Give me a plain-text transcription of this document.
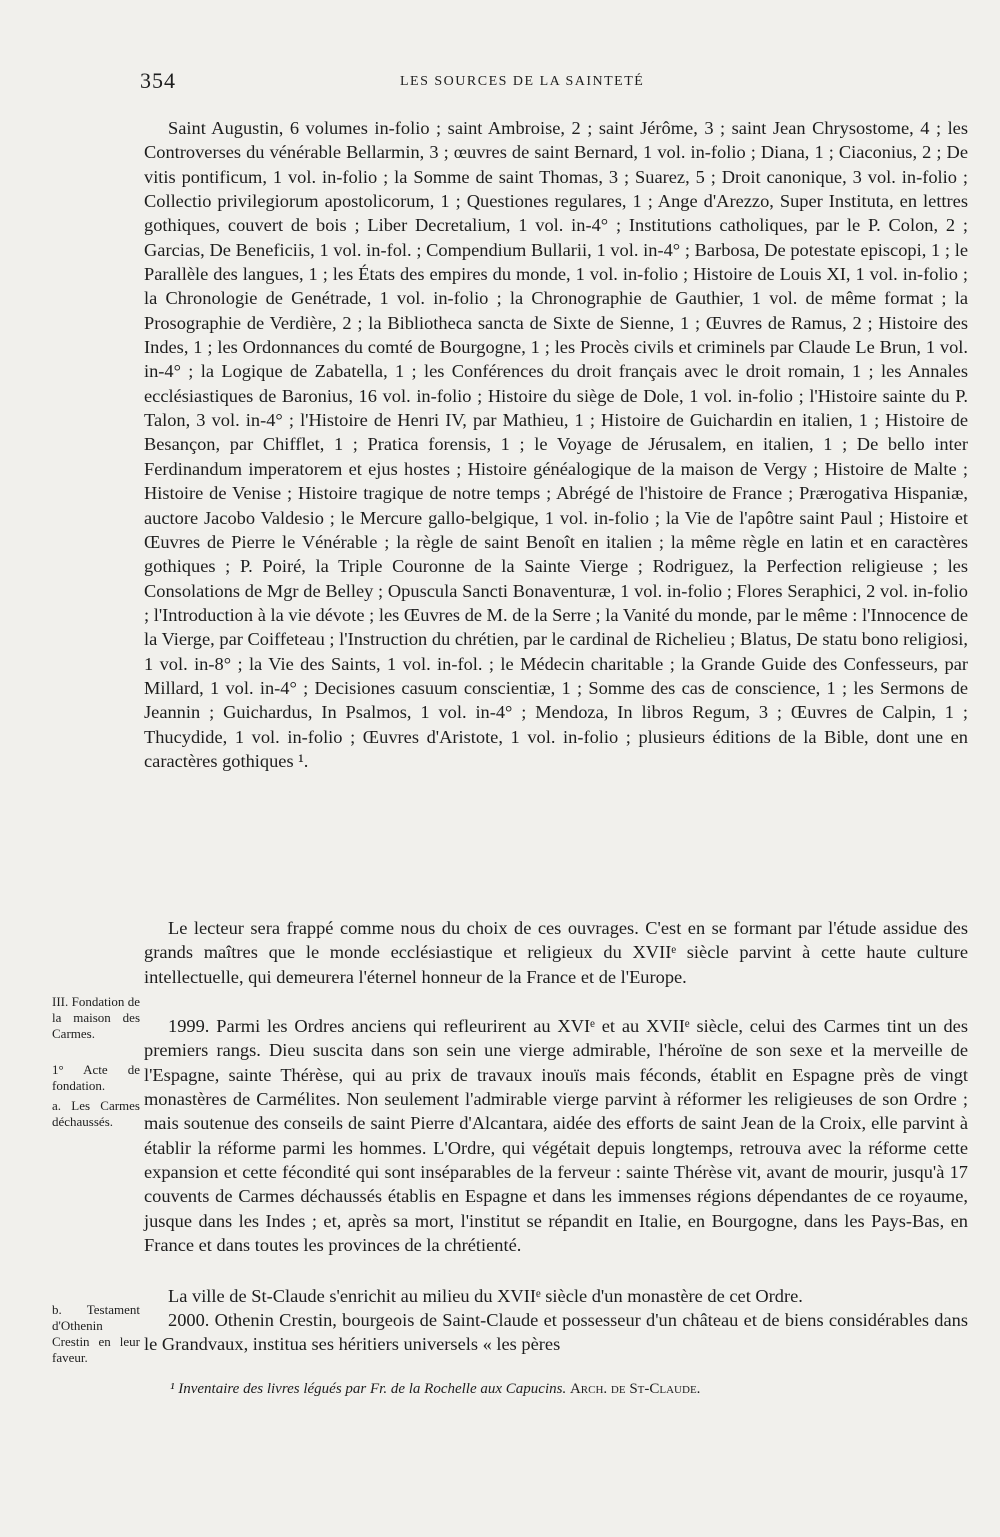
354	LES SOURCES DE LA SAINTETÉ

Saint Augustin, 6 volumes in-folio ; saint Ambroise, 2 ; saint Jérôme, 3 ; saint Jean Chrysostome, 4 ; les Controverses du vénérable Bellarmin, 3 ; œuvres de saint Bernard, 1 vol. in-folio ; Diana, 1 ; Ciaconius, 2 ; De vitis pontificum, 1 vol. in-folio ; la Somme de saint Thomas, 3 ; Suarez, 5 ; Droit canonique, 3 vol. in-folio ; Collectio privilegiorum apostolicorum, 1 ; Questiones regulares, 1 ; Ange d'Arezzo, Super Instituta, en lettres gothiques, couvert de bois ; Liber Decretalium, 1 vol. in-4° ; Institutions catholiques, par le P. Colon, 2 ; Garcias, De Beneficiis, 1 vol. in-fol. ; Compendium Bullarii, 1 vol. in-4° ; Barbosa, De potestate episcopi, 1 ; le Parallèle des langues, 1 ; les États des empires du monde, 1 vol. in-folio ; Histoire de Louis XI, 1 vol. in-folio ; la Chronologie de Genétrade, 1 vol. in-folio ; la Chronographie de Gauthier, 1 vol. de même format ; la Prosographie de Verdière, 2 ; la Bibliotheca sancta de Sixte de Sienne, 1 ; Œuvres de Ramus, 2 ; Histoire des Indes, 1 ; les Ordonnances du comté de Bourgogne, 1 ; les Procès civils et criminels par Claude Le Brun, 1 vol. in-4° ; la Logique de Zabatella, 1 ; les Conférences du droit français avec le droit romain, 1 ; les Annales ecclésiastiques de Baronius, 16 vol. in-folio ; Histoire du siège de Dole, 1 vol. in-folio ; l'Histoire sainte du P. Talon, 3 vol. in-4° ; l'Histoire de Henri IV, par Mathieu, 1 ; Histoire de Guichardin en italien, 1 ; Histoire de Besançon, par Chifflet, 1 ; Pratica forensis, 1 ; le Voyage de Jérusalem, en italien, 1 ; De bello inter Ferdinandum imperatorem et ejus hostes ; Histoire généalogique de la maison de Vergy ; Histoire de Malte ; Histoire de Venise ; Histoire tragique de notre temps ; Abrégé de l'histoire de France ; Prærogativa Hispaniæ, auctore Jacobo Valdesio ; le Mercure gallo-belgique, 1 vol. in-folio ; la Vie de l'apôtre saint Paul ; Histoire et Œuvres de Pierre le Vénérable ; la règle de saint Benoît en italien ; la même règle en latin et en caractères gothiques ; P. Poiré, la Triple Couronne de la Sainte Vierge ; Rodriguez, la Perfection religieuse ; les Consolations de Mgr de Belley ; Opuscula Sancti Bonaventuræ, 1 vol. in-folio ; Flores Seraphici, 2 vol. in-folio ; l'Introduction à la vie dévote ; les Œuvres de M. de la Serre ; la Vanité du monde, par le même : l'Innocence de la Vierge, par Coiffeteau ; l'Instruction du chrétien, par le cardinal de Richelieu ; Blatus, De statu bono religiosi, 1 vol. in-8° ; la Vie des Saints, 1 vol. in-fol. ; le Médecin charitable ; la Grande Guide des Confesseurs, par Millard, 1 vol. in-4° ; Decisiones casuum conscientiæ, 1 ; Somme des cas de conscience, 1 ; les Sermons de Jeannin ; Guichardus, In Psalmos, 1 vol. in-4° ; Mendoza, In libros Regum, 3 ; Œuvres de Calpin, 1 ; Thucydide, 1 vol. in-folio ; Œuvres d'Aristote, 1 vol. in-folio ; plusieurs éditions de la Bible, dont une en caractères gothiques ¹.

Le lecteur sera frappé comme nous du choix de ces ouvrages. C'est en se formant par l'étude assidue des grands maîtres que le monde ecclésiastique et religieux du XVIIᵉ siècle parvint à cette haute culture intellectuelle, qui demeurera l'éternel honneur de la France et de l'Europe.

1999. Parmi les Ordres anciens qui refleurirent au XVIᵉ et au XVIIᵉ siècle, celui des Carmes tint un des premiers rangs. Dieu suscita dans son sein une vierge admirable, l'héroïne de son sexe et la merveille de l'Espagne, sainte Thérèse, qui au prix de travaux inouïs mais féconds, établit en Espagne près de vingt monastères de Carmélites. Non seulement l'admirable vierge parvint à réformer les religieuses de son Ordre ; mais soutenue des conseils de saint Pierre d'Alcantara, aidée des efforts de saint Jean de la Croix, elle parvint à établir la réforme parmi les hommes. L'Ordre, qui végétait depuis longtemps, retrouva avec la réforme cette expansion et cette fécondité qui sont inséparables de la ferveur : sainte Thérèse vit, avant de mourir, jusqu'à 17 couvents de Carmes déchaussés établis en Espagne et dans les immenses régions dépendantes de ce royaume, jusque dans les Indes ; et, après sa mort, l'institut se répandit en Italie, en Bourgogne, dans les Pays-Bas, en France et dans toutes les provinces de la chrétienté.

La ville de St-Claude s'enrichit au milieu du XVIIᵉ siècle d'un monastère de cet Ordre.

2000. Othenin Crestin, bourgeois de Saint-Claude et possesseur d'un château et de biens considérables dans le Grandvaux, institua ses héritiers universels « les pères

III. Fondation de la maison des Carmes.
1° Acte de fondation.
a. Les Carmes déchaussés.
b. Testament d'Othenin Crestin en leur faveur.
¹ Inventaire des livres légués par Fr. de la Rochelle aux Capucins. Arch. de St-Claude.
